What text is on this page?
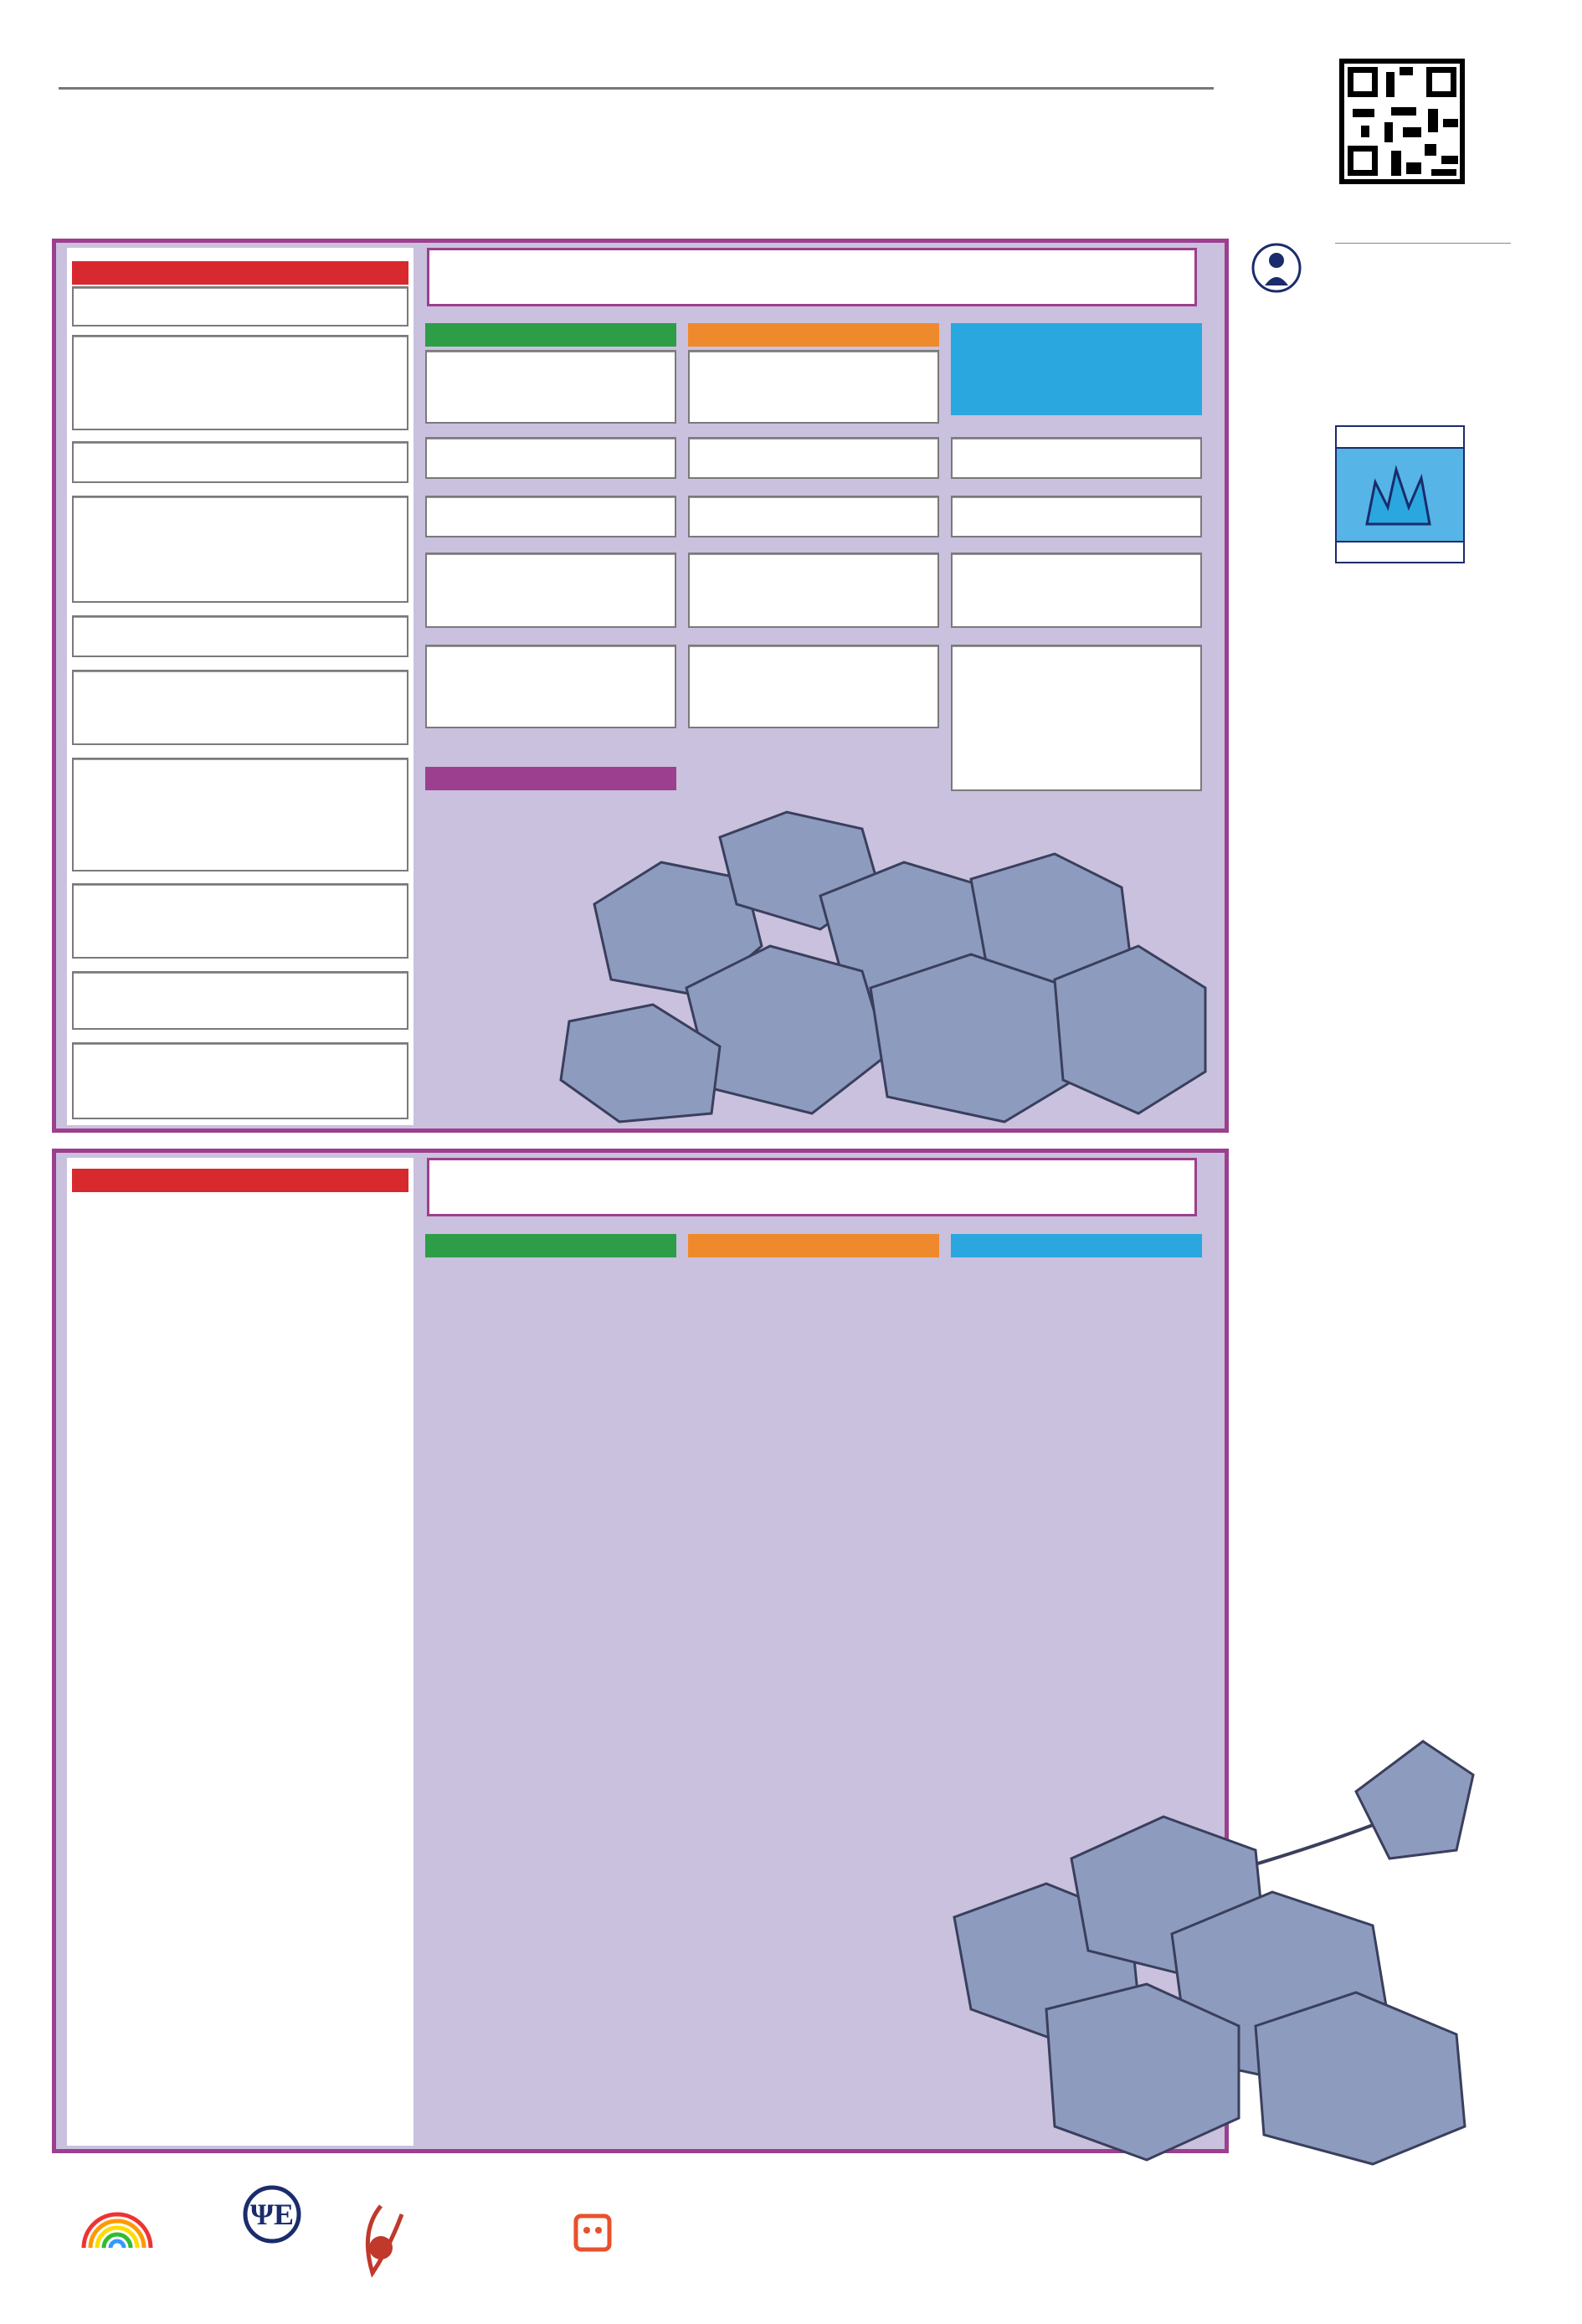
ΨΕ
